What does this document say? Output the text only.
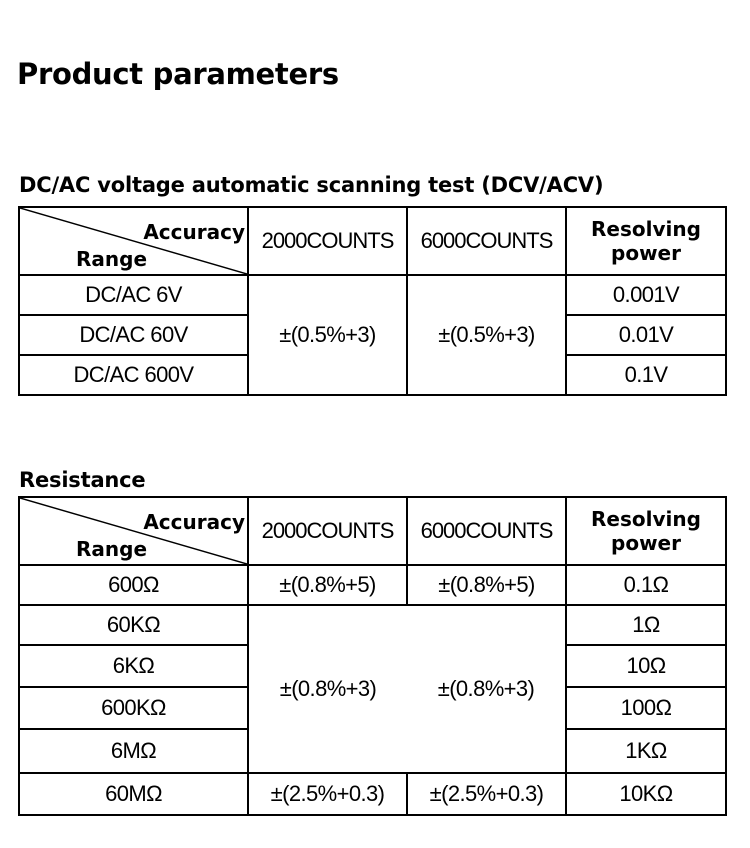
Product parameters
DC/AC voltage automatic scanning test (DCV/ACV)
Accuracy
Range	2000COUNTS	6000COUNTS	Resolving power
DC/AC 6V	±(0.5%+3)	±(0.5%+3)	0.001V
DC/AC 60V			0.01V
DC/AC 600V			0.1V
Resistance
Accuracy
Range	2000COUNTS	6000COUNTS	Resolving power
600Ω	±(0.8%+5)	±(0.8%+5)	0.1Ω
60KΩ	±(0.8%+3)	±(0.8%+3)	1Ω
6KΩ			10Ω
600KΩ			100Ω
6MΩ			1KΩ
60MΩ	±(2.5%+0.3)	±(2.5%+0.3)	10KΩ
